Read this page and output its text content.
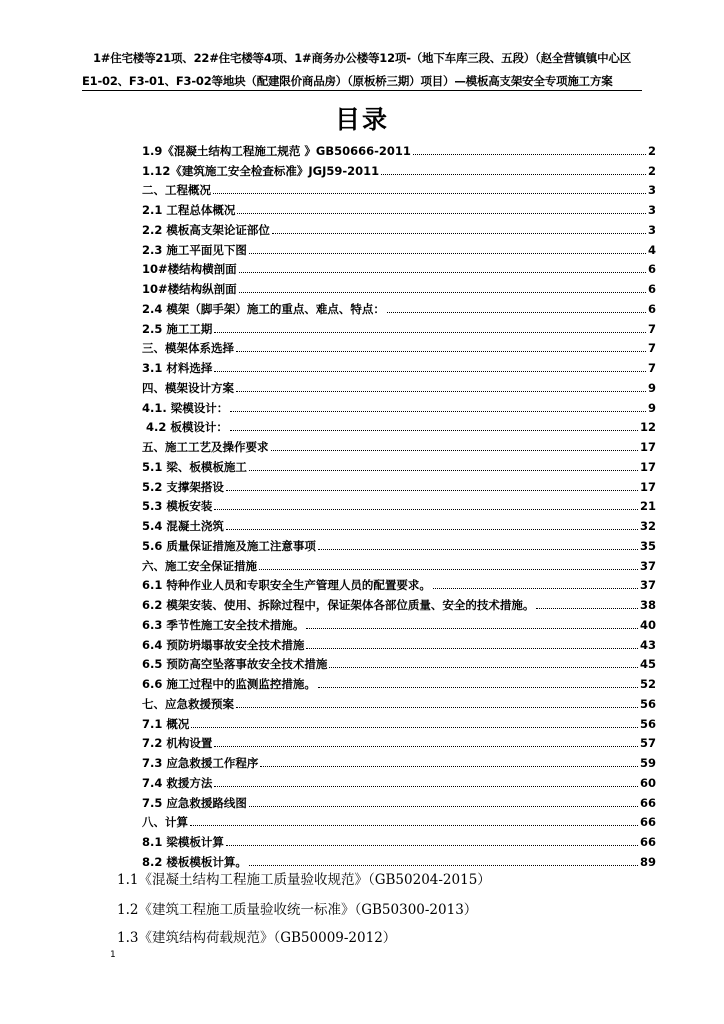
1#住宅楼等21项、22#住宅楼等4项、1#商务办公楼等12项-（地下车库三段、五段）（赵全营镇镇中心区
E1-02、F3-01、F3-02等地块（配建限价商品房）（原板桥三期）项目）—模板高支架安全专项施工方案
目录
1.9《混凝土结构工程施工规范 》GB50666-2011	2
1.12《建筑施工安全检查标准》JGJ59-2011	2
二、工程概况	3
2.1 工程总体概况	3
2.2 模板高支架论证部位	3
2.3 施工平面见下图	4
10#楼结构横剖面	6
10#楼结构纵剖面	6
2.4 模架（脚手架）施工的重点、难点、特点：	6
2.5 施工工期	7
三、模架体系选择	7
3.1 材料选择	7
四、模架设计方案	9
4.1. 梁模设计：	9
4.2 板模设计：	12
五、施工工艺及操作要求	17
5.1 梁、板模板施工	17
5.2 支撑架搭设	17
5.3 模板安装	21
5.4 混凝土浇筑	32
5.6 质量保证措施及施工注意事项	35
六、施工安全保证措施	37
6.1 特种作业人员和专职安全生产管理人员的配置要求。	37
6.2 模架安装、使用、拆除过程中，保证架体各部位质量、安全的技术措施。	38
6.3 季节性施工安全技术措施。	40
6.4 预防坍塌事故安全技术措施	43
6.5 预防高空坠落事故安全技术措施	45
6.6 施工过程中的监测监控措施。	52
七、应急救援预案	56
7.1 概况	56
7.2 机构设置	57
7.3 应急救援工作程序	59
7.4 救援方法	60
7.5 应急救援路线图	66
八、计算	66
8.1 梁模板计算	66
8.2 楼板模板计算。	89
1.1《混凝土结构工程施工质量验收规范》（GB50204-2015）
1.2《建筑工程施工质量验收统一标准》（GB50300-2013）
1.3《建筑结构荷载规范》（GB50009-2012）
1
